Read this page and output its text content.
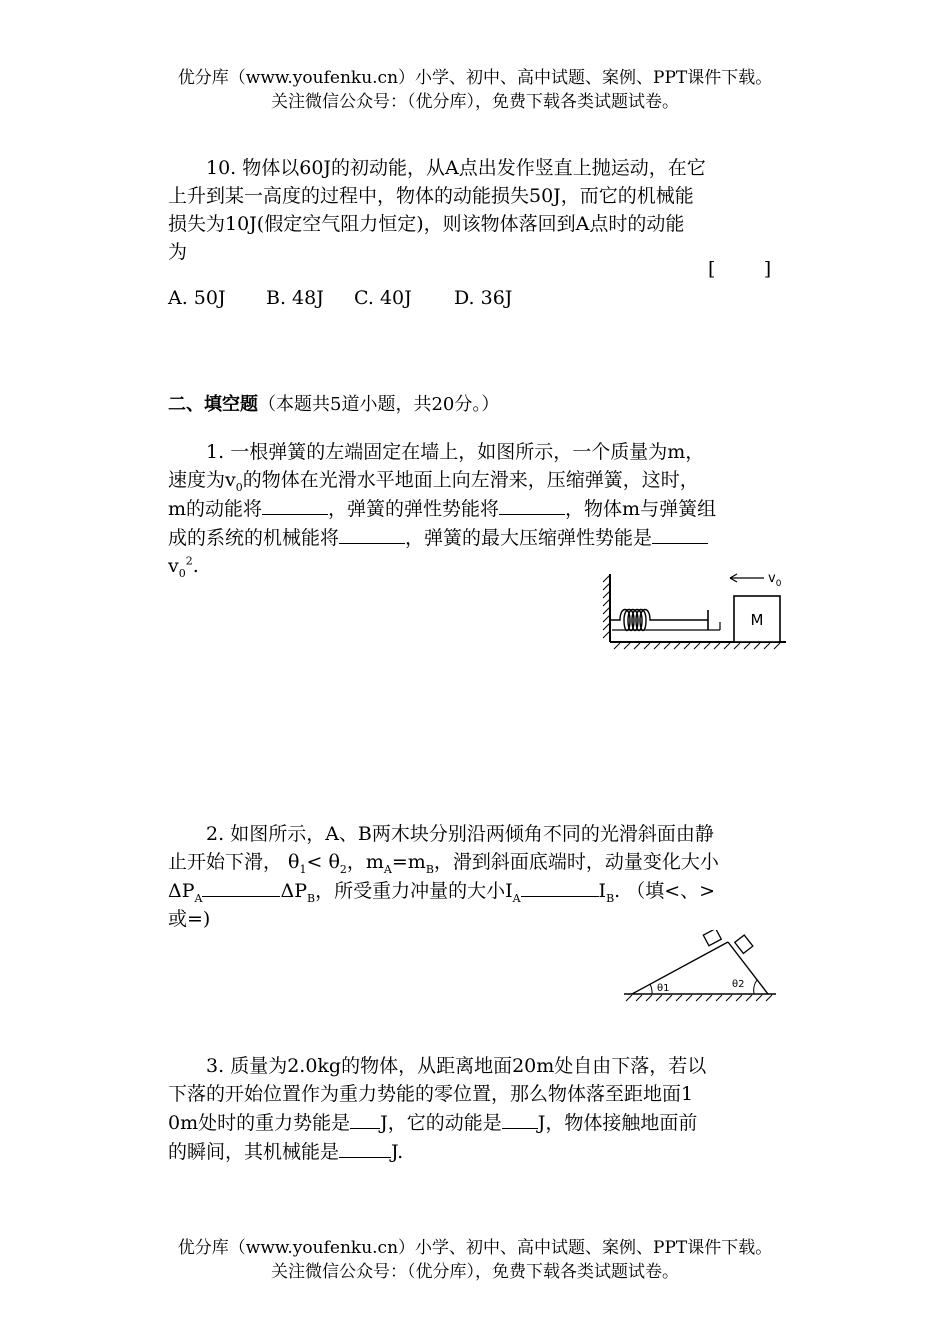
优分库（www.youfenku.cn）小学、初中、高中试题、案例、PPT课件下载。
关注微信公众号：（优分库），免费下载各类试题试卷。
10. 物体以60J的初动能，从A点出发作竖直上抛运动，在它
上升到某一高度的过程中，物体的动能损失50J，而它的机械能
损失为10J(假定空气阻力恒定)，则该物体落回到A点时的动能
为
[        ]
A. 50J B. 48J C. 40J D. 36J
二、填空题（本题共5道小题，共20分。）
1. 一根弹簧的左端固定在墙上，如图所示，一个质量为m，
速度为$v_0$的物体在光滑水平地面上向左滑来，压缩弹簧，这时，
m的动能将	，弹簧的弹性势能将	，物体m与弹簧组
成的系统的机械能将	，弹簧的最大压缩弹性势能是
$v_0^2$.
M
$v_0$
2. 如图所示，A、B两木块分别沿两倾角不同的光滑斜面由静
止开始下滑， $\theta_1< \theta_2$，$m_A=m_B$，滑到斜面底端时，动量变化大小
$\Delta P_A$	$\Delta P_B$，所受重力冲量的大小$I_A$	$I_B$. （填<、>
或=)
θ1	θ2
3. 质量为2.0kg的物体，从距离地面20m处自由下落，若以
下落的开始位置作为重力势能的零位置，那么物体落至距地面1
0m处时的重力势能是 J，它的动能是 J，物体接触地面前
的瞬间，其机械能是	J.
优分库（www.youfenku.cn）小学、初中、高中试题、案例、PPT课件下载。
关注微信公众号：（优分库），免费下载各类试题试卷。
